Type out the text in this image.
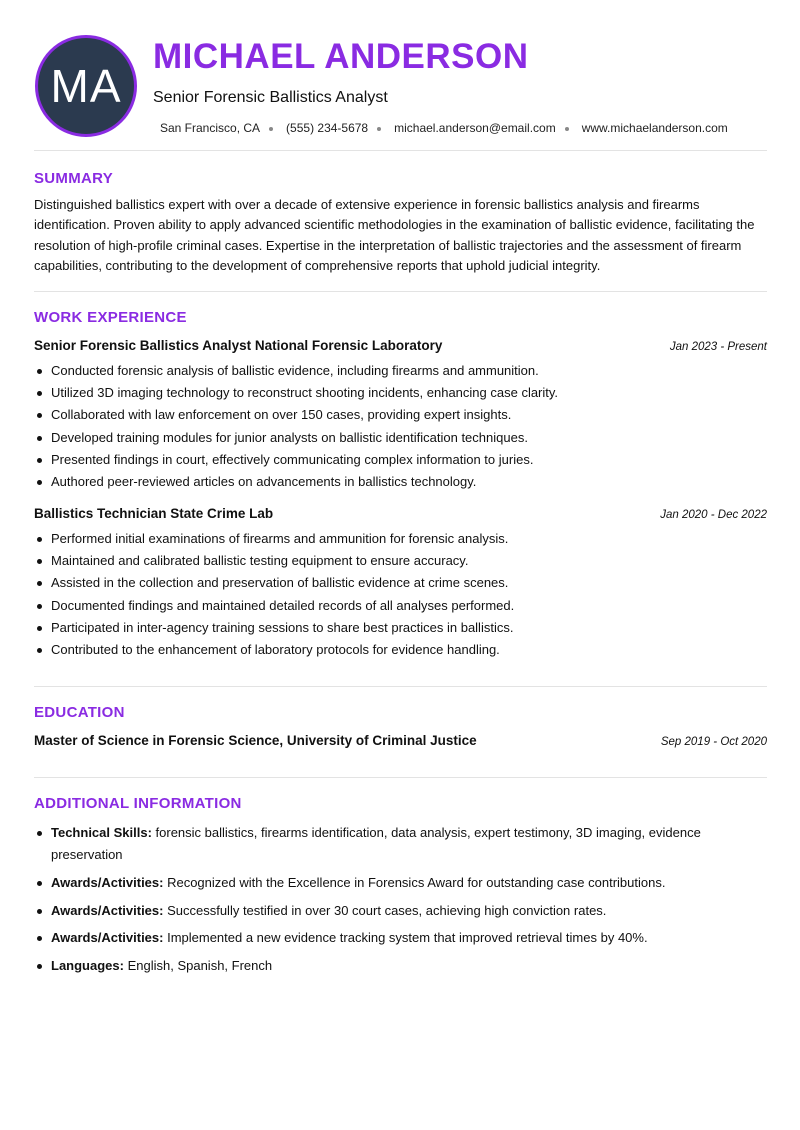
MA
MICHAEL ANDERSON
Senior Forensic Ballistics Analyst
San Francisco, CA (555) 234-5678 michael.anderson@email.com www.michaelanderson.com
SUMMARY
Distinguished ballistics expert with over a decade of extensive experience in forensic ballistics analysis and firearms identification. Proven ability to apply advanced scientific methodologies in the examination of ballistic evidence, facilitating the resolution of high-profile criminal cases. Expertise in the interpretation of ballistic trajectories and the assessment of firearm capabilities, contributing to the development of comprehensive reports that uphold judicial integrity.
WORK EXPERIENCE
Senior Forensic Ballistics Analyst National Forensic Laboratory	Jan 2023 - Present
Conducted forensic analysis of ballistic evidence, including firearms and ammunition.
Utilized 3D imaging technology to reconstruct shooting incidents, enhancing case clarity.
Collaborated with law enforcement on over 150 cases, providing expert insights.
Developed training modules for junior analysts on ballistic identification techniques.
Presented findings in court, effectively communicating complex information to juries.
Authored peer-reviewed articles on advancements in ballistics technology.
Ballistics Technician State Crime Lab	Jan 2020 - Dec 2022
Performed initial examinations of firearms and ammunition for forensic analysis.
Maintained and calibrated ballistic testing equipment to ensure accuracy.
Assisted in the collection and preservation of ballistic evidence at crime scenes.
Documented findings and maintained detailed records of all analyses performed.
Participated in inter-agency training sessions to share best practices in ballistics.
Contributed to the enhancement of laboratory protocols for evidence handling.
EDUCATION
Master of Science in Forensic Science, University of Criminal Justice	Sep 2019 - Oct 2020
ADDITIONAL INFORMATION
Technical Skills: forensic ballistics, firearms identification, data analysis, expert testimony, 3D imaging, evidence preservation
Awards/Activities: Recognized with the Excellence in Forensics Award for outstanding case contributions.
Awards/Activities: Successfully testified in over 30 court cases, achieving high conviction rates.
Awards/Activities: Implemented a new evidence tracking system that improved retrieval times by 40%.
Languages: English, Spanish, French
